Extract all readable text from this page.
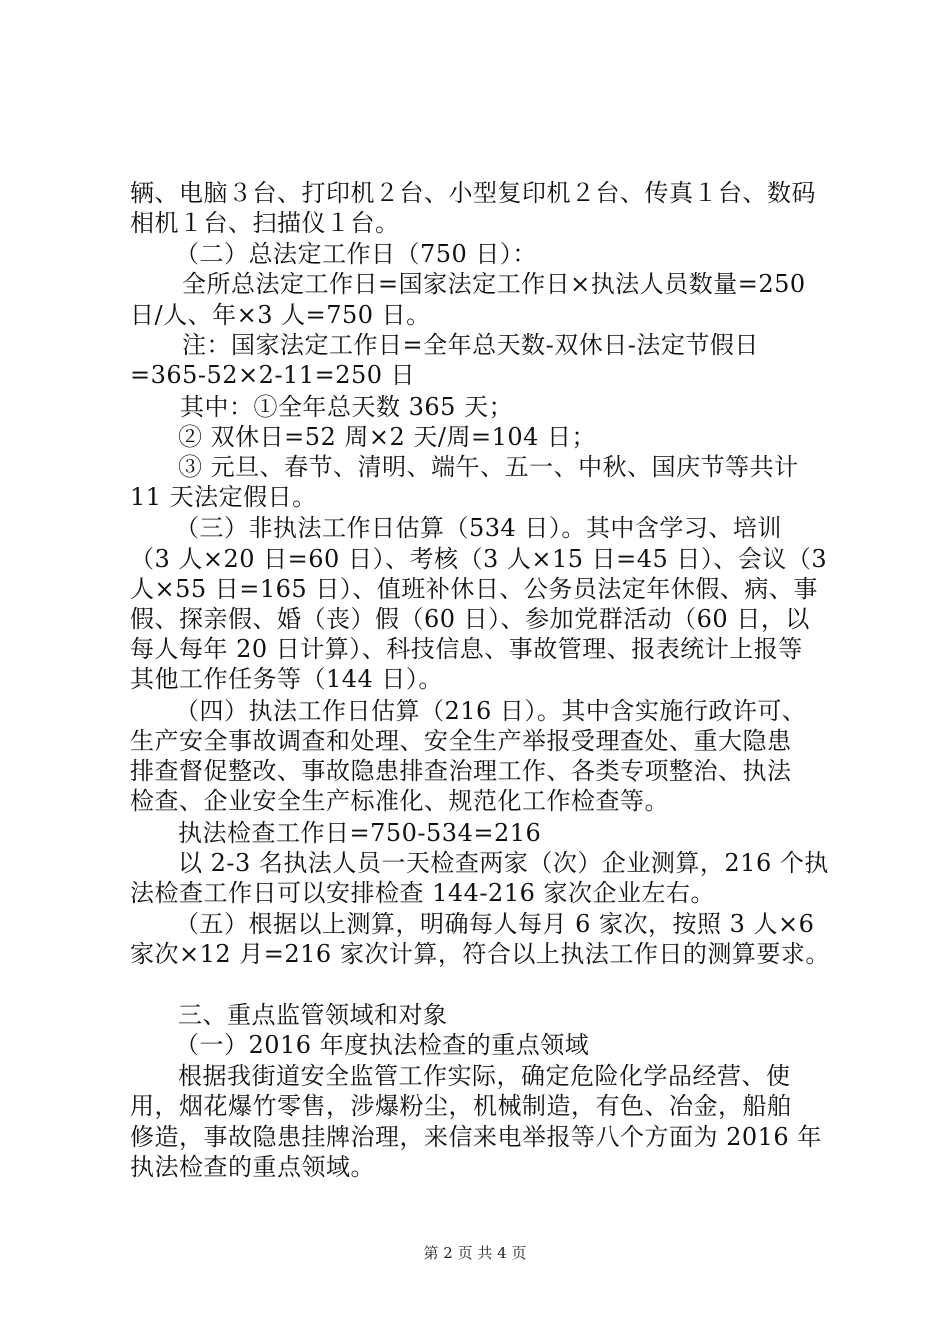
辆、电脑３台、打印机２台、小型复印机２台、传真１台、数码
相机１台、扫描仪１台。
（二）总法定工作日（750 日）：
全所总法定工作日=国家法定工作日×执法人员数量=250
日/人、年×3 人=750 日。
注：国家法定工作日=全年总天数-双休日-法定节假日
=365-52×2-11=250 日
其中：①全年总天数 365 天；
② 双休日=52 周×2 天/周=104 日；
③ 元旦、春节、清明、端午、五一、中秋、国庆节等共计
11 天法定假日。
（三）非执法工作日估算（534 日）。其中含学习、培训
（3 人×20 日=60 日）、考核（3 人×15 日=45 日）、会议（3
人×55 日=165 日）、值班补休日、公务员法定年休假、病、事
假、探亲假、婚（丧）假（60 日）、参加党群活动（60 日，以
每人每年 20 日计算）、科技信息、事故管理、报表统计上报等
其他工作任务等（144 日）。
（四）执法工作日估算（216 日）。其中含实施行政许可、
生产安全事故调查和处理、安全生产举报受理查处、重大隐患
排查督促整改、事故隐患排查治理工作、各类专项整治、执法
检查、企业安全生产标准化、规范化工作检查等。
执法检查工作日=750-534=216
以 2-3 名执法人员一天检查两家（次）企业测算，216 个执
法检查工作日可以安排检查 144-216 家次企业左右。
（五）根据以上测算，明确每人每月 6 家次，按照 3 人×6
家次×12 月=216 家次计算，符合以上执法工作日的测算要求。
三、重点监管领域和对象
（一）2016 年度执法检查的重点领域
根据我街道安全监管工作实际，确定危险化学品经营、使
用，烟花爆竹零售，涉爆粉尘，机械制造，有色、冶金，船舶
修造，事故隐患挂牌治理，来信来电举报等八个方面为 2016 年
执法检查的重点领域。
第 2 页 共 4 页
